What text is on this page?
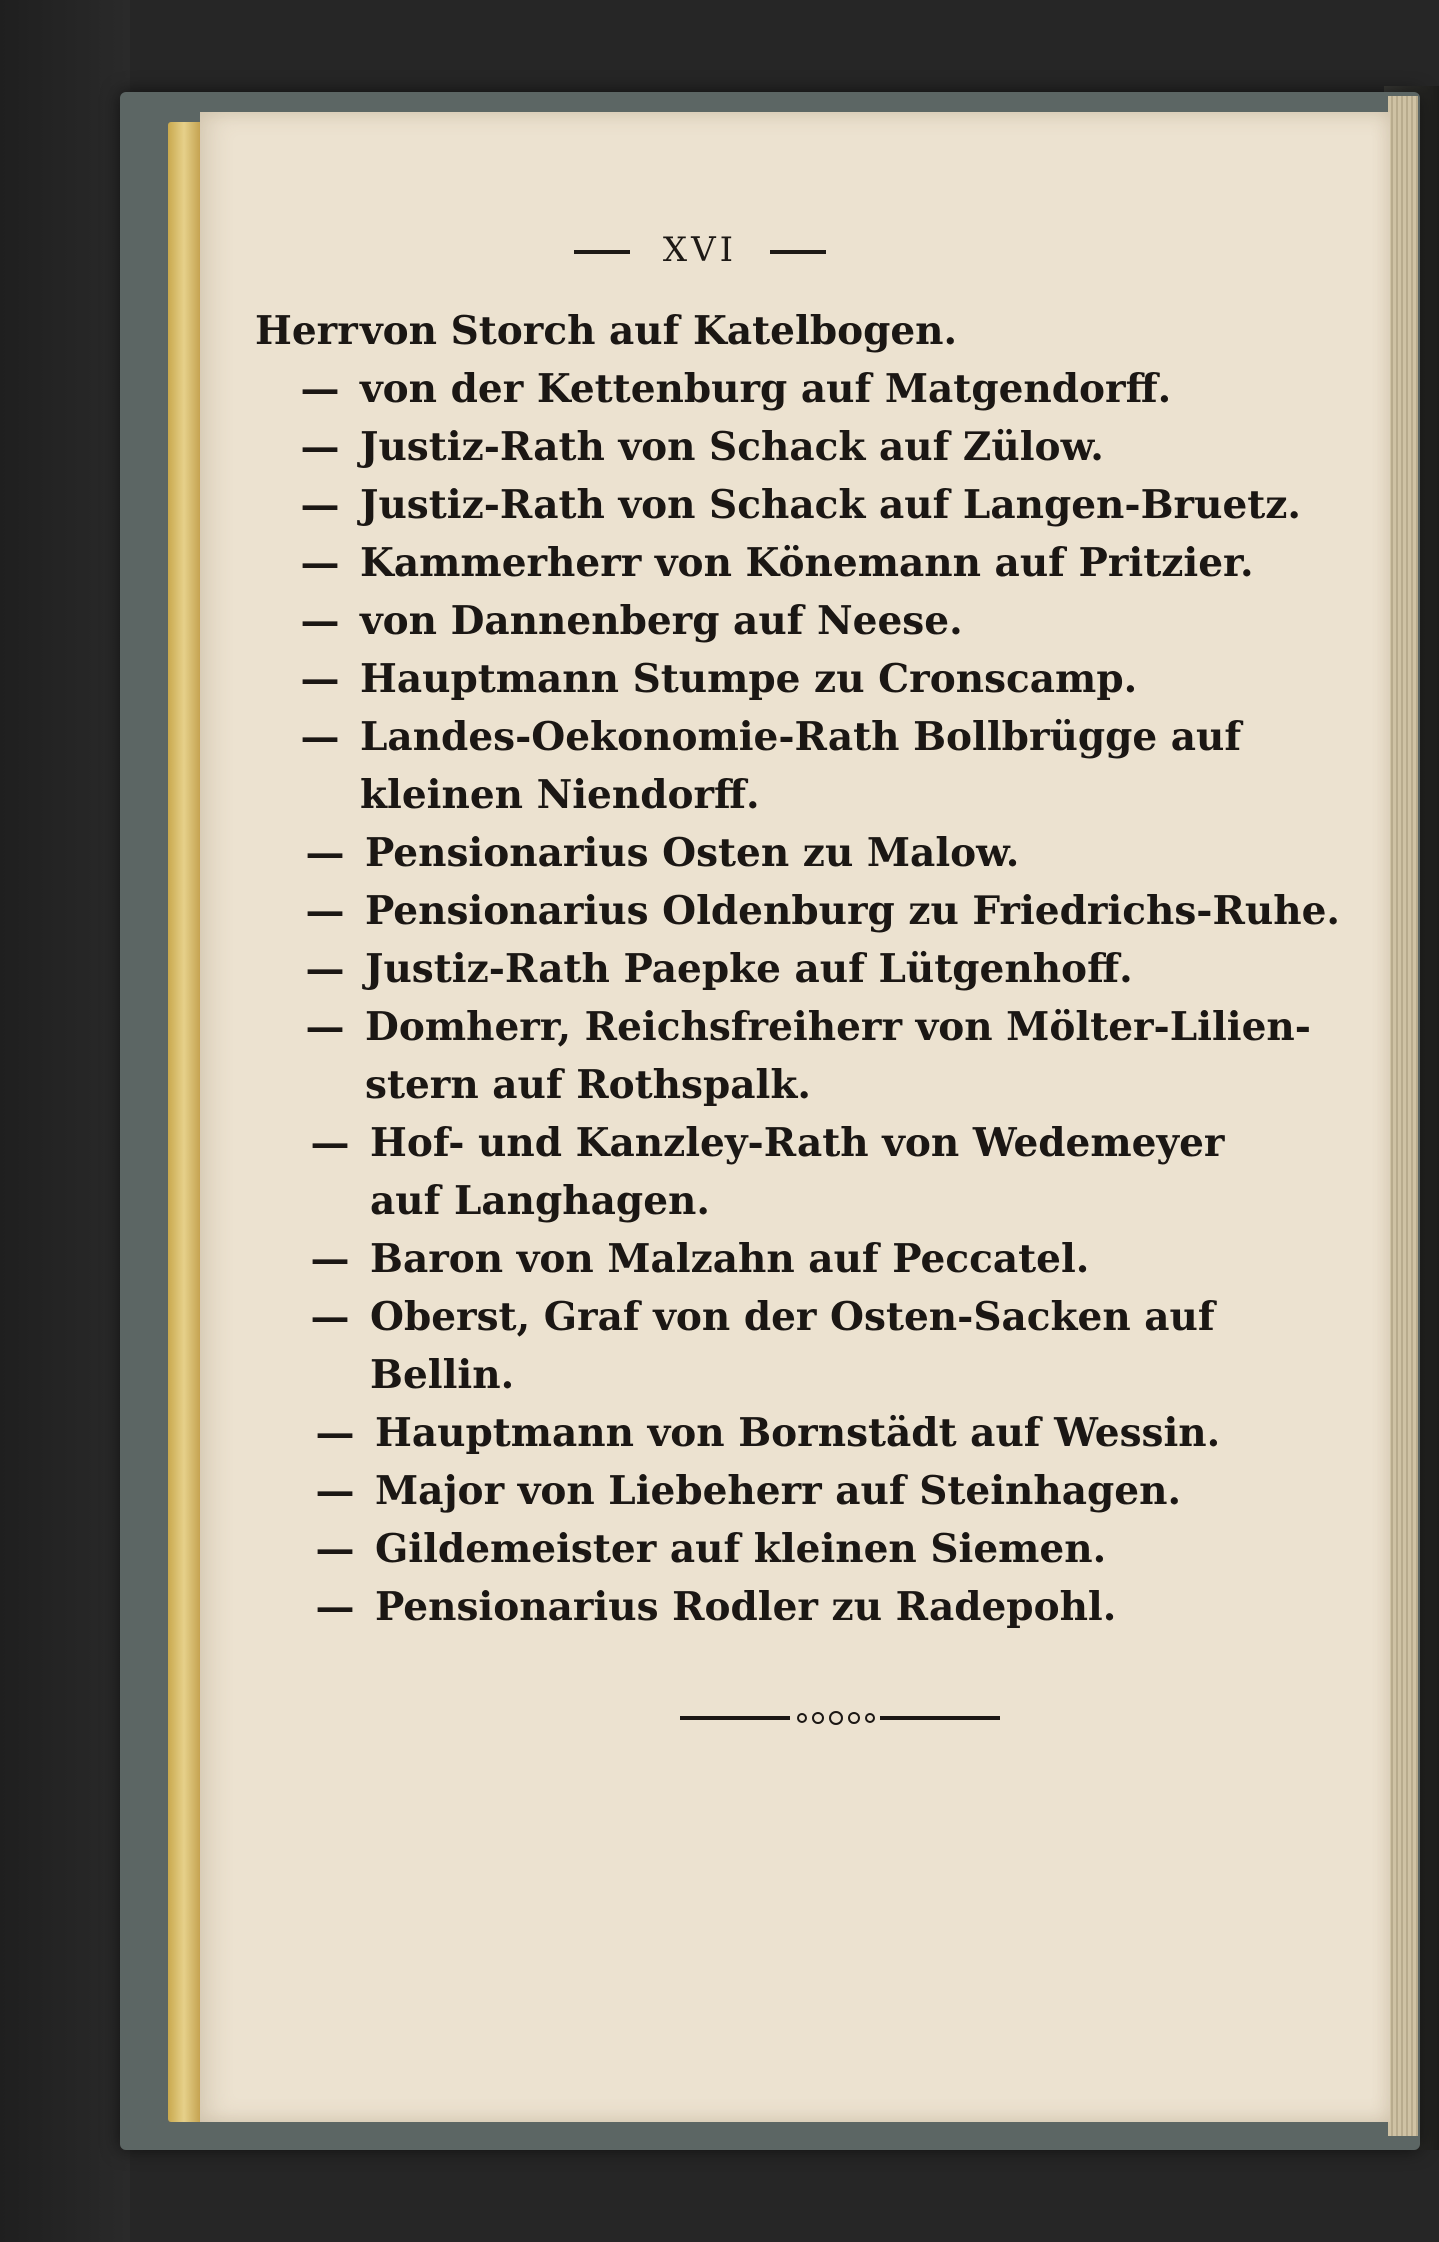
XVI
Herr von Storch auf Katelbogen.
— von der Kettenburg auf Matgendorff.
— Justiz-Rath von Schack auf Zülow.
— Justiz-Rath von Schack auf Langen-Bruetz.
— Kammerherr von Könemann auf Pritzier.
— von Dannenberg auf Neese.
— Hauptmann Stumpe zu Cronscamp.
— Landes-Oekonomie-Rath Bollbrügge auf
kleinen Niendorff.
— Pensionarius Osten zu Malow.
— Pensionarius Oldenburg zu Friedrichs-Ruhe.
— Justiz-Rath Paepke auf Lütgenhoff.
— Domherr, Reichsfreiherr von Mölter-Lilien-
stern auf Rothspalk.
— Hof- und Kanzley-Rath von Wedemeyer
auf Langhagen.
— Baron von Malzahn auf Peccatel.
— Oberst, Graf von der Osten-Sacken auf
Bellin.
— Hauptmann von Bornstädt auf Wessin.
— Major von Liebeherr auf Steinhagen.
— Gildemeister auf kleinen Siemen.
— Pensionarius Rodler zu Radepohl.
